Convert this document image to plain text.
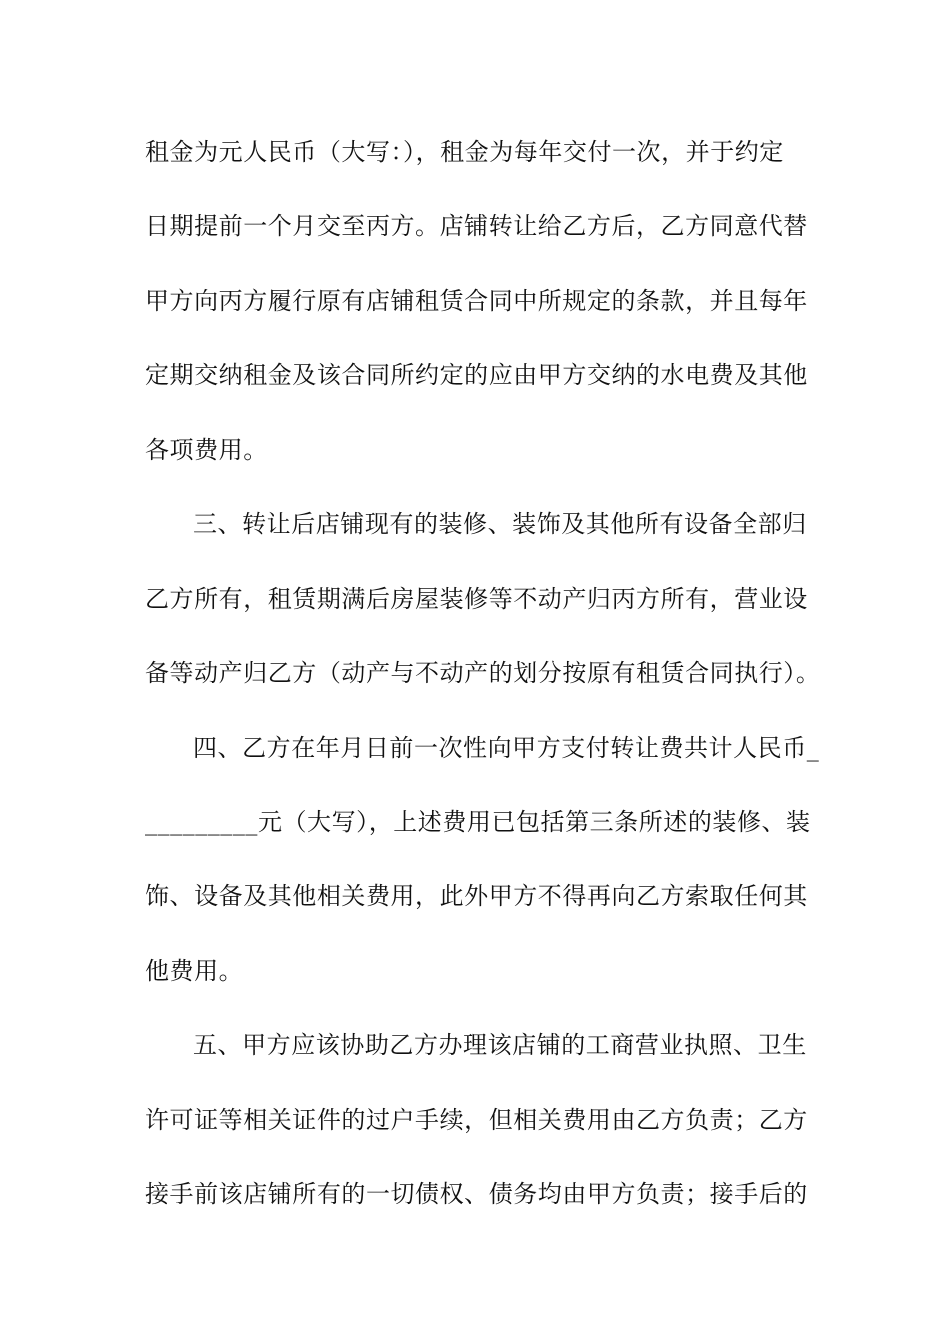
租金为元人民币（大写：），租金为每年交付一次，并于约定
日期提前一个月交至丙方。店铺转让给乙方后，乙方同意代替
甲方向丙方履行原有店铺租赁合同中所规定的条款，并且每年
定期交纳租金及该合同所约定的应由甲方交纳的水电费及其他
各项费用。
三、转让后店铺现有的装修、装饰及其他所有设备全部归
乙方所有，租赁期满后房屋装修等不动产归丙方所有，营业设
备等动产归乙方（动产与不动产的划分按原有租赁合同执行）。
四、乙方在年月日前一次性向甲方支付转让费共计人民币_
_________元（大写），上述费用已包括第三条所述的装修、装
饰、设备及其他相关费用，此外甲方不得再向乙方索取任何其
他费用。
五、甲方应该协助乙方办理该店铺的工商营业执照、卫生
许可证等相关证件的过户手续，但相关费用由乙方负责；乙方
接手前该店铺所有的一切债权、债务均由甲方负责；接手后的
